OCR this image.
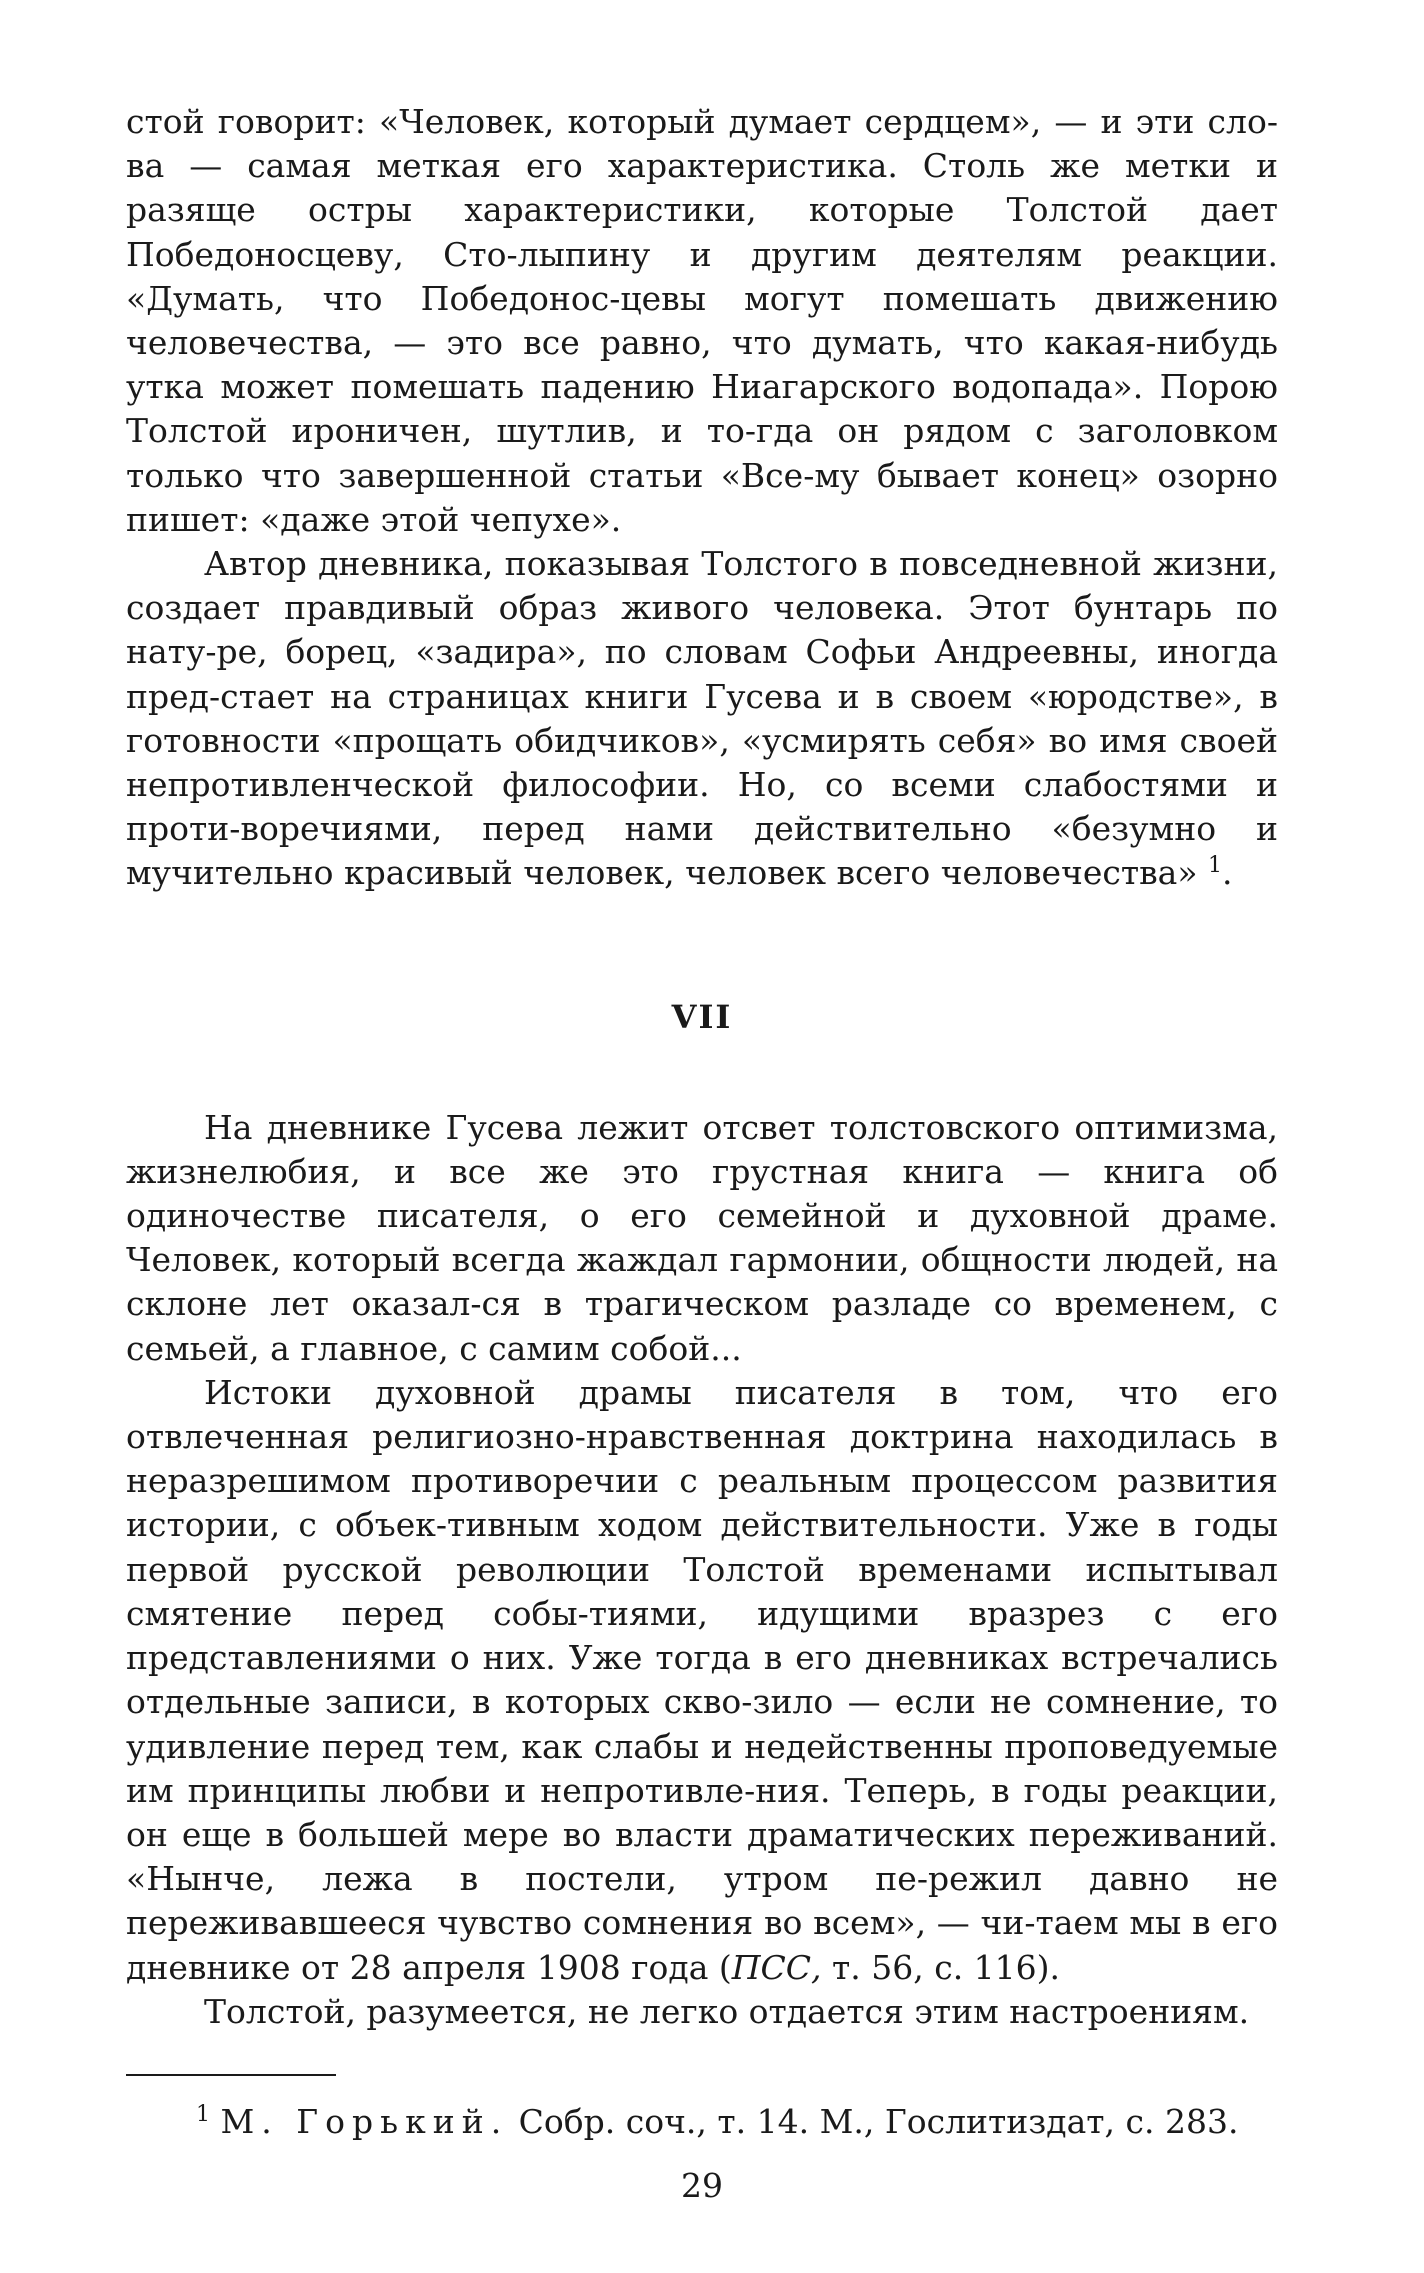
стой говорит: «Человек, который думает сердцем», — и эти сло-ва — самая меткая его характеристика. Столь же метки и разяще остры характеристики, которые Толстой дает Победоносцеву, Сто-лыпину и другим деятелям реакции. «Думать, что Победонос-цевы могут помешать движению человечества, — это все равно, что думать, что какая-нибудь утка может помешать падению Ниагарского водопада». Порою Толстой ироничен, шутлив, и то-гда он рядом с заголовком только что завершенной статьи «Все-му бывает конец» озорно пишет: «даже этой чепухе».

Автор дневника, показывая Толстого в повседневной жизни, создает правдивый образ живого человека. Этот бунтарь по нату-ре, борец, «задира», по словам Софьи Андреевны, иногда пред-стает на страницах книги Гусева и в своем «юродстве», в готовности «прощать обидчиков», «усмирять себя» во имя своей непротивленческой философии. Но, со всеми слабостями и проти-воречиями, перед нами действительно «безумно и мучительно красивый человек, человек всего человечества» $^1$.

VII

На дневнике Гусева лежит отсвет толстовского оптимизма, жизнелюбия, и все же это грустная книга — книга об одиночестве писателя, о его семейной и духовной драме. Человек, который всегда жаждал гармонии, общности людей, на склоне лет оказал-ся в трагическом разладе со временем, с семьей, а главное, с самим собой...

Истоки духовной драмы писателя в том, что его отвлеченная религиозно-нравственная доктрина находилась в неразрешимом противоречии с реальным процессом развития истории, с объек-тивным ходом действительности. Уже в годы первой русской революции Толстой временами испытывал смятение перед собы-тиями, идущими вразрез с его представлениями о них. Уже тогда в его дневниках встречались отдельные записи, в которых скво-зило — если не сомнение, то удивление перед тем, как слабы и недейственны проповедуемые им принципы любви и непротивле-ния. Теперь, в годы реакции, он еще в большей мере во власти драматических переживаний. «Нынче, лежа в постели, утром пе-режил давно не переживавшееся чувство сомнения во всем», — чи-таем мы в его дневнике от 28 апреля 1908 года (ПСС, т. 56, с. 116).

Толстой, разумеется, не легко отдается этим настроениям.

$^1$ М. Горький. Собр. соч., т. 14. М., Гослитиздат, с. 283.

29
